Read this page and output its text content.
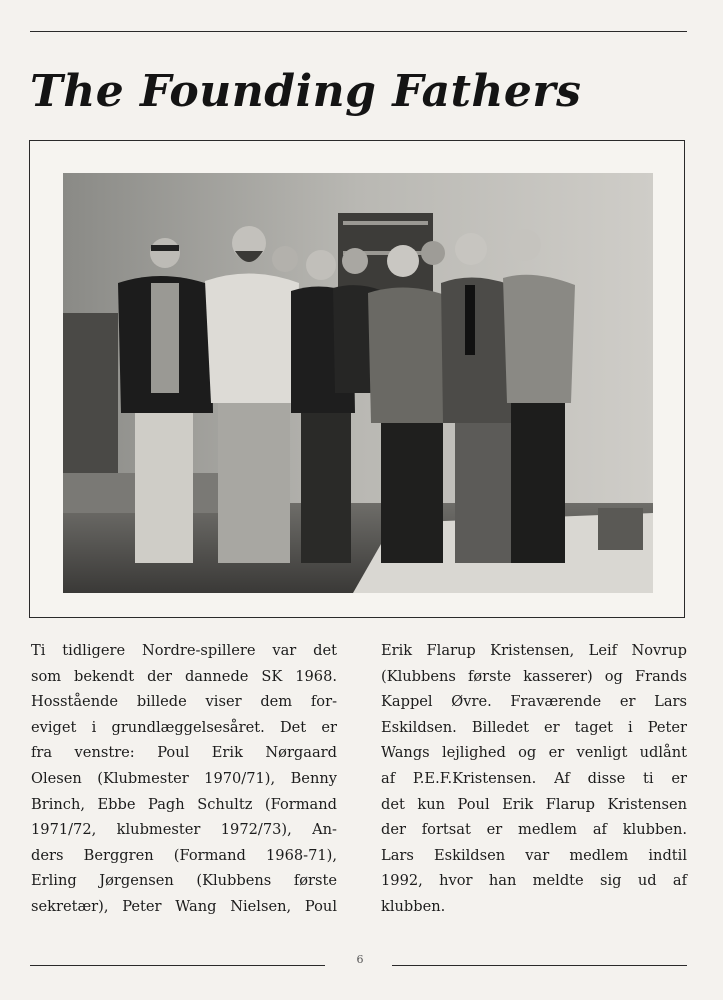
The Founding Fathers
Ti tidligere Nordre-spillere var det
som bekendt der dannede SK 1968.
Hosstående billede viser dem for-
eviget i grundlæggelsesåret. Det er
fra venstre: Poul Erik Nørgaard
Olesen (Klubmester 1970/71), Benny
Brinch, Ebbe Pagh Schultz (Formand
1971/72, klubmester 1972/73), An-
ders Berggren (Formand 1968-71),
Erling Jørgensen (Klubbens første
sekretær), Peter Wang Nielsen, Poul
Erik Flarup Kristensen, Leif Novrup
(Klubbens første kasserer) og Frands
Kappel Øvre. Fraværende er Lars
Eskildsen. Billedet er taget i Peter
Wangs lejlighed og er venligt udlånt
af P.E.F.Kristensen. Af disse ti er
det kun Poul Erik Flarup Kristensen
der fortsat er medlem af klubben.
Lars Eskildsen var medlem indtil
1992, hvor han meldte sig ud af
klubben.
6
